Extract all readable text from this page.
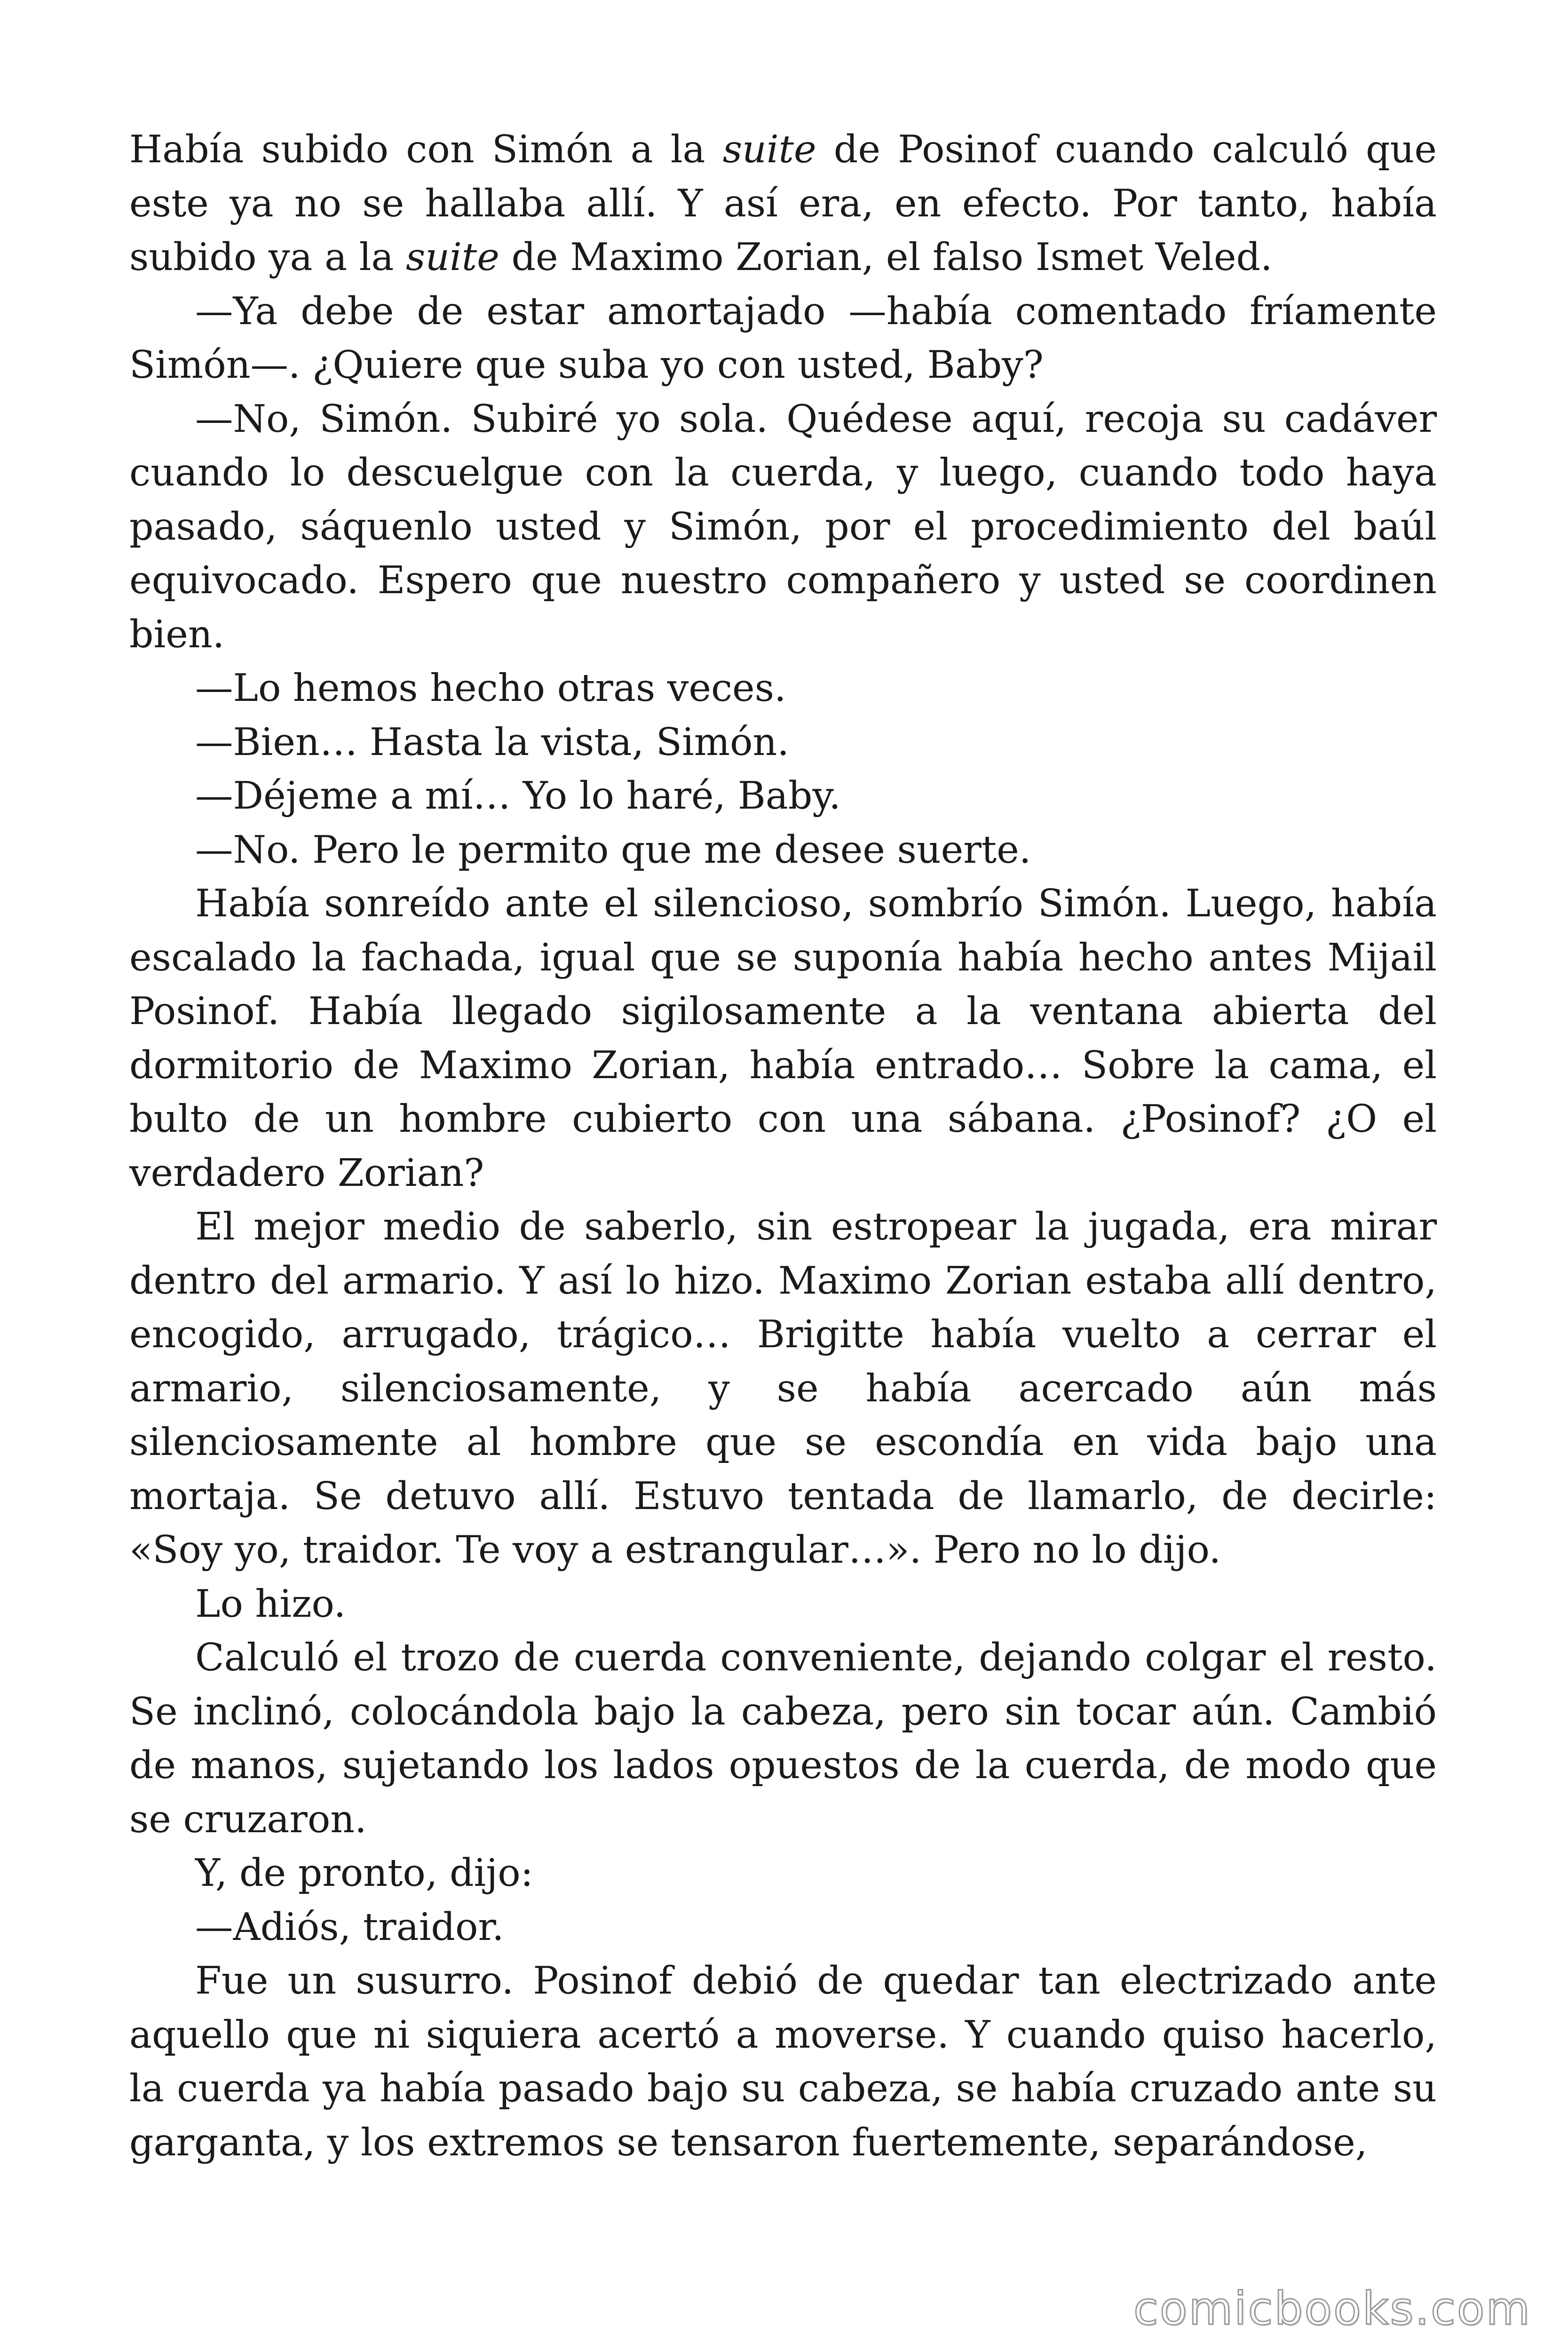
Había subido con Simón a la suite de Posinof cuando calculó que este ya no se hallaba allí. Y así era, en efecto. Por tanto, había subido ya a la suite de Maximo Zorian, el falso Ismet Veled.

—Ya debe de estar amortajado —había comentado fríamente Simón—. ¿Quiere que suba yo con usted, Baby?

—No, Simón. Subiré yo sola. Quédese aquí, recoja su cadáver cuando lo descuelgue con la cuerda, y luego, cuando todo haya pasado, sáquenlo usted y Simón, por el procedimiento del baúl equivocado. Espero que nuestro compañero y usted se coordinen bien.

—Lo hemos hecho otras veces.

—Bien… Hasta la vista, Simón.

—Déjeme a mí… Yo lo haré, Baby.

—No. Pero le permito que me desee suerte.

Había sonreído ante el silencioso, sombrío Simón. Luego, había escalado la fachada, igual que se suponía había hecho antes Mijail Posinof. Había llegado sigilosamente a la ventana abierta del dormitorio de Maximo Zorian, había entrado… Sobre la cama, el bulto de un hombre cubierto con una sábana. ¿Posinof? ¿O el verdadero Zorian?

El mejor medio de saberlo, sin estropear la jugada, era mirar dentro del armario. Y así lo hizo. Maximo Zorian estaba allí dentro, encogido, arrugado, trágico… Brigitte había vuelto a cerrar el armario, silenciosamente, y se había acercado aún más silenciosamente al hombre que se escondía en vida bajo una mortaja. Se detuvo allí. Estuvo tentada de llamarlo, de decirle: «Soy yo, traidor. Te voy a estrangular…». Pero no lo dijo.

Lo hizo.

Calculó el trozo de cuerda conveniente, dejando colgar el resto. Se inclinó, colocándola bajo la cabeza, pero sin tocar aún. Cambió de manos, sujetando los lados opuestos de la cuerda, de modo que se cruzaron.

Y, de pronto, dijo:

—Adiós, traidor.

Fue un susurro. Posinof debió de quedar tan electrizado ante aquello que ni siquiera acertó a moverse. Y cuando quiso hacerlo, la cuerda ya había pasado bajo su cabeza, se había cruzado ante su garganta, y los extremos se tensaron fuertemente, separándose,

comicbooks.com
